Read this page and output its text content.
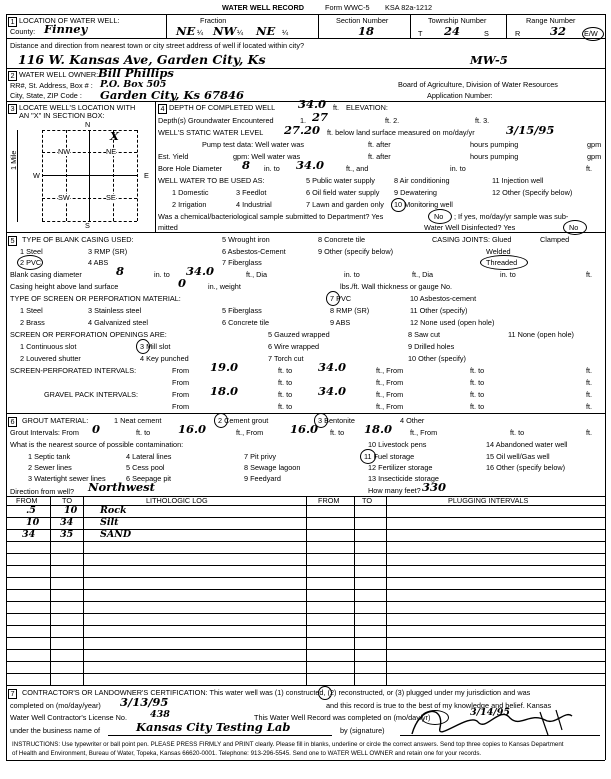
WATER WELL RECORD	Form WWC-5 KSA 82a-1212
1 LOCATION OF WATER WELL:
County: Finney
Fraction
NE ¼ NW ¼ NE ¼
Section Number
18
Township Number
T 24	S
Range Number
R	32 E/W
Distance and direction from nearest town or city street address of well if located within city?
116 W. Kansas Ave, Garden City, Ks	MW-5
2 WATER WELL OWNER: Bill Phillips
RR#, St. Address, Box # : P.O. Box 505
City, State, ZIP Code : Garden City, Ks 67846
Board of Agriculture, Division of Water Resources
Application Number:
3 LOCATE WELL'S LOCATION WITH
AN "X" IN SECTION BOX:
N
S
W	E
1 Mile	NW	NE
SW	SE
X
4 DEPTH OF COMPLETED WELL 34.0 ft. ELEVATION:
Depth(s) Groundwater Encountered	1. 27	ft. 2.	ft. 3.
WELL'S STATIC WATER LEVEL 27.20 ft. below land surface measured on mo/day/yr	3/15/95
Pump test data: Well water was	ft. after	hours pumping	gpm
Est. Yield	gpm: Well water was	ft. after	hours pumping	gpm
Bore Hole Diameter 8 in. to 34.0	ft., and	in. to	ft.
WELL WATER TO BE USED AS:
1 Domestic
2 Irrigation
3 Feedlot
4 Industrial
5 Public water supply
6 Oil field water supply
7 Lawn and garden only
8 Air conditioning
9 Dewatering
10 Monitoring well
11 Injection well
12 Other (Specify below)
Was a chemical/bacteriological sample submitted to Department? Yes	No ; If yes, mo/day/yr sample was sub-
mitted	Water Well Disinfected? Yes	No
5	TYPE OF BLANK CASING USED:
1 Steel
2 PVC
3 RMP (SR)
4 ABS
5 Wrought iron
6 Asbestos-Cement
7 Fiberglass
8 Concrete tile
9 Other (specify below)
CASING JOINTS: Glued	Clamped
Welded
Threaded
Blank casing diameter	8	in. to 34.0	ft., Dia	in. to	ft., Dia	in. to	ft.
Casing height above land surface	0	in., weight	lbs./ft. Wall thickness or gauge No.
TYPE OF SCREEN OR PERFORATION MATERIAL:
1 Steel
2 Brass
3 Stainless steel
4 Galvanized steel
5 Fiberglass
6 Concrete tile
7 PVC
8 RMP (SR)
9 ABS
10 Asbestos-cement
11 Other (specify)
12 None used (open hole)
SCREEN OR PERFORATION OPENINGS ARE:
1 Continuous slot
2 Louvered shutter
3 Mill slot
4 Key punched
5 Gauzed wrapped
6 Wire wrapped
7 Torch cut
8 Saw cut
9 Drilled holes
10 Other (specify)
11 None (open hole)
SCREEN-PERFORATED INTERVALS:	From 19.0	ft. to 34.0	ft., From	ft. to	ft.
From	ft. to	ft., From	ft. to	ft.
GRAVEL PACK INTERVALS:	From 18.0	ft. to 34.0	ft., From	ft. to	ft.
From	ft. to	ft., From	ft. to	ft.
6	GROUT MATERIAL:	1 Neat cement	2 Cement grout	3 Bentonite	4 Other
Grout Intervals: From 0	ft. to 16.0	ft., From 16.0 ft. to 18.0 ft., From	ft. to	ft.
What is the nearest source of possible contamination:
1 Septic tank
2 Sewer lines
3 Watertight sewer lines
4 Lateral lines
5 Cess pool
6 Seepage pit
7 Pit privy
8 Sewage lagoon
9 Feedyard
10 Livestock pens
11 Fuel storage
12 Fertilizer storage
13 Insecticide storage
14 Abandoned water well
15 Oil well/Gas well
16 Other (specify below)
Direction from well? Northwest	How many feet? 330
FROM	TO	LITHOLOGIC LOG	FROM	TO	PLUGGING INTERVALS
.5	10 Rock
10 34	Silt
34	35	SAND
7	CONTRACTOR'S OR LANDOWNER'S CERTIFICATION: This water well was (1) constructed, (2) reconstructed, or (3) plugged under my jurisdiction and was
completed on (mo/day/year) 3/13/95	and this record is true to the best of my knowledge and belief. Kansas
Water Well Contractor's License No. 438	This Water Well Record was completed on (mo/day/yr)	3/14/95
under the business name of	Kansas City Testing Lab	by (signature)
INSTRUCTIONS: Use typewriter or ball point pen. PLEASE PRESS FIRMLY and PRINT clearly. Please fill in blanks, underline or circle the correct answers. Send top three copies to Kansas Department
of Health and Environment, Bureau of Water, Topeka, Kansas 66620-0001. Telephone: 913-296-5545. Send one to WATER WELL OWNER and retain one for your records.
